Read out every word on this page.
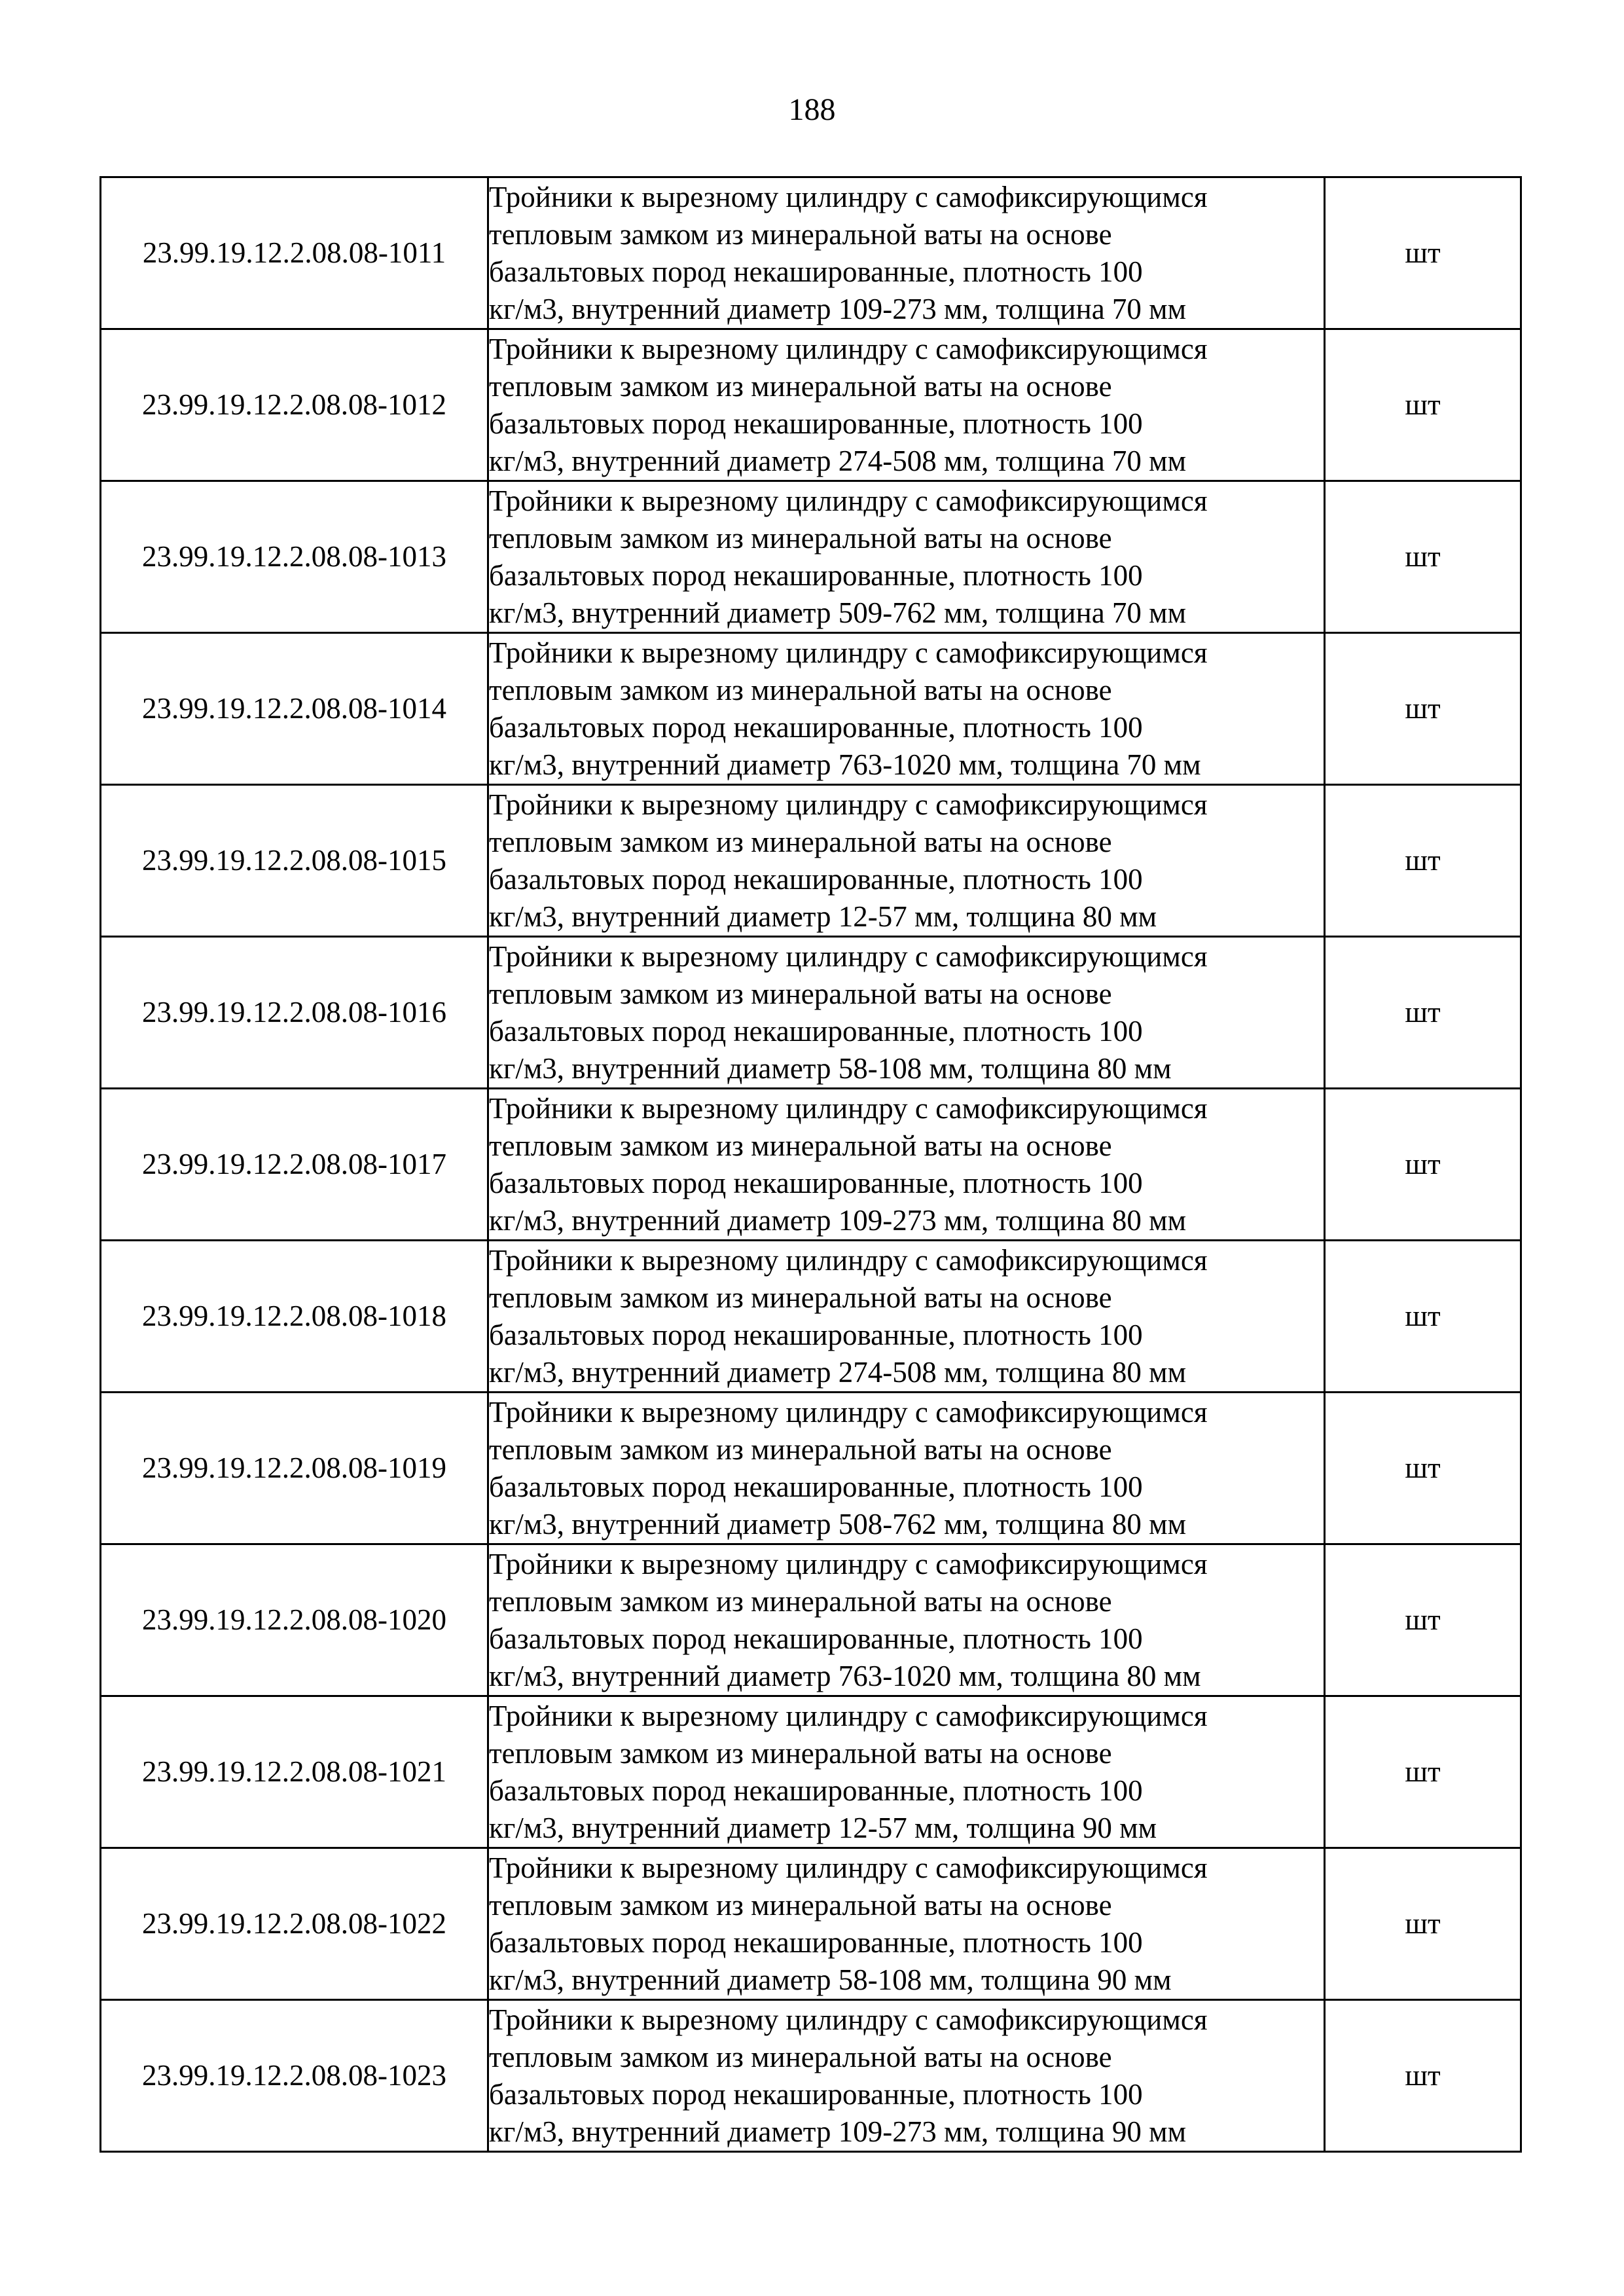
188
23.99.19.12.2.08.08-1011	Тройники к вырезному цилиндру с самофиксирующимся
тепловым замком из минеральной ваты на основе
базальтовых пород некашированные, плотность 100
кг/м3, внутренний диаметр 109-273 мм, толщина 70 мм	шт
23.99.19.12.2.08.08-1012	Тройники к вырезному цилиндру с самофиксирующимся
тепловым замком из минеральной ваты на основе
базальтовых пород некашированные, плотность 100
кг/м3, внутренний диаметр 274-508 мм, толщина 70 мм	шт
23.99.19.12.2.08.08-1013	Тройники к вырезному цилиндру с самофиксирующимся
тепловым замком из минеральной ваты на основе
базальтовых пород некашированные, плотность 100
кг/м3, внутренний диаметр 509-762 мм, толщина 70 мм	шт
23.99.19.12.2.08.08-1014	Тройники к вырезному цилиндру с самофиксирующимся
тепловым замком из минеральной ваты на основе
базальтовых пород некашированные, плотность 100
кг/м3, внутренний диаметр 763-1020 мм, толщина 70 мм	шт
23.99.19.12.2.08.08-1015	Тройники к вырезному цилиндру с самофиксирующимся
тепловым замком из минеральной ваты на основе
базальтовых пород некашированные, плотность 100
кг/м3, внутренний диаметр 12-57 мм, толщина 80 мм	шт
23.99.19.12.2.08.08-1016	Тройники к вырезному цилиндру с самофиксирующимся
тепловым замком из минеральной ваты на основе
базальтовых пород некашированные, плотность 100
кг/м3, внутренний диаметр 58-108 мм, толщина 80 мм	шт
23.99.19.12.2.08.08-1017	Тройники к вырезному цилиндру с самофиксирующимся
тепловым замком из минеральной ваты на основе
базальтовых пород некашированные, плотность 100
кг/м3, внутренний диаметр 109-273 мм, толщина 80 мм	шт
23.99.19.12.2.08.08-1018	Тройники к вырезному цилиндру с самофиксирующимся
тепловым замком из минеральной ваты на основе
базальтовых пород некашированные, плотность 100
кг/м3, внутренний диаметр 274-508 мм, толщина 80 мм	шт
23.99.19.12.2.08.08-1019	Тройники к вырезному цилиндру с самофиксирующимся
тепловым замком из минеральной ваты на основе
базальтовых пород некашированные, плотность 100
кг/м3, внутренний диаметр 508-762 мм, толщина 80 мм	шт
23.99.19.12.2.08.08-1020	Тройники к вырезному цилиндру с самофиксирующимся
тепловым замком из минеральной ваты на основе
базальтовых пород некашированные, плотность 100
кг/м3, внутренний диаметр 763-1020 мм, толщина 80 мм	шт
23.99.19.12.2.08.08-1021	Тройники к вырезному цилиндру с самофиксирующимся
тепловым замком из минеральной ваты на основе
базальтовых пород некашированные, плотность 100
кг/м3, внутренний диаметр 12-57 мм, толщина 90 мм	шт
23.99.19.12.2.08.08-1022	Тройники к вырезному цилиндру с самофиксирующимся
тепловым замком из минеральной ваты на основе
базальтовых пород некашированные, плотность 100
кг/м3, внутренний диаметр 58-108 мм, толщина 90 мм	шт
23.99.19.12.2.08.08-1023	Тройники к вырезному цилиндру с самофиксирующимся
тепловым замком из минеральной ваты на основе
базальтовых пород некашированные, плотность 100
кг/м3, внутренний диаметр 109-273 мм, толщина 90 мм	шт
